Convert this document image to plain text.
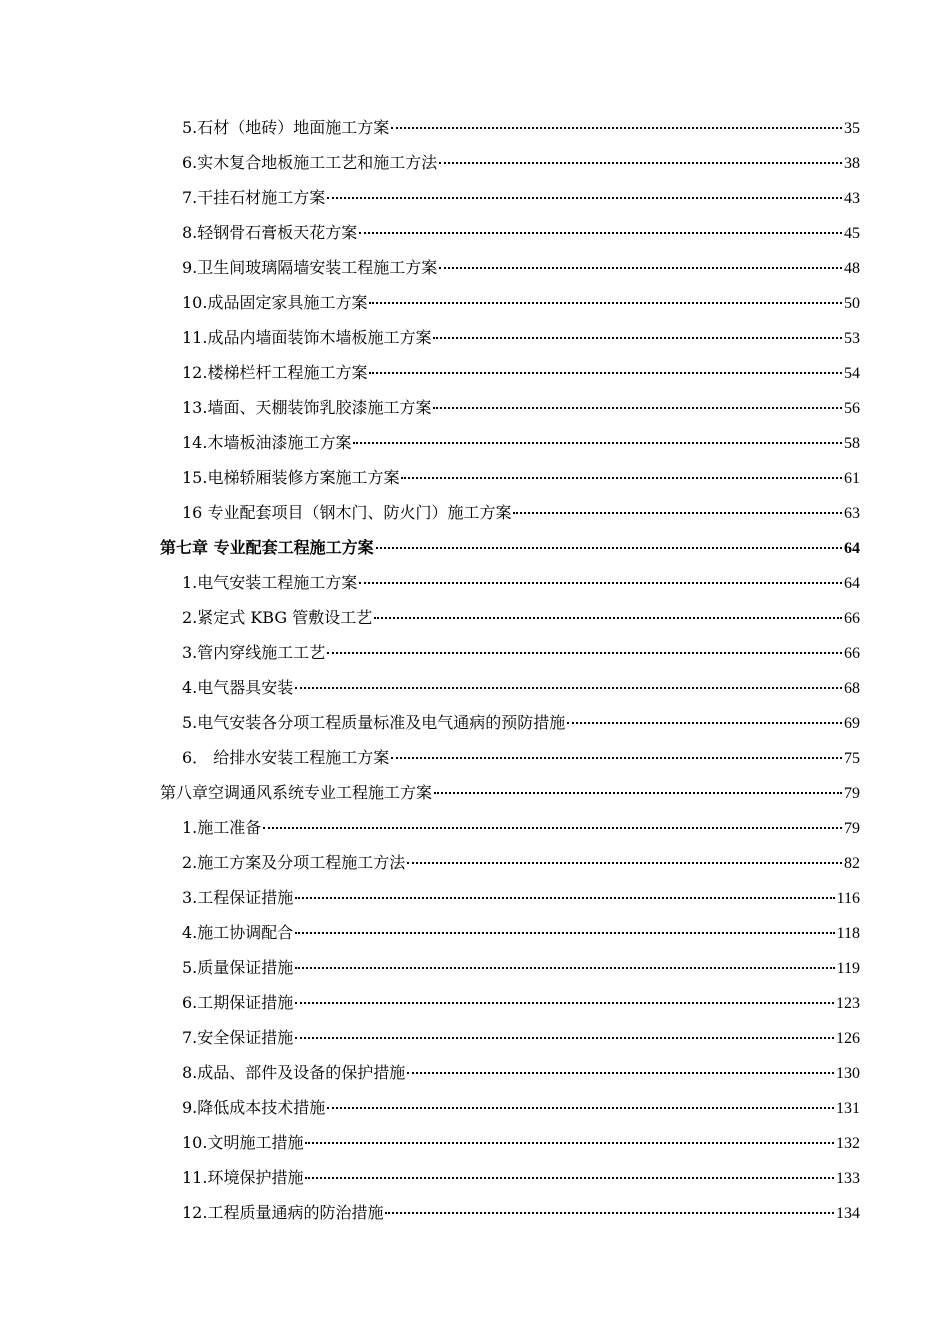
5.石材（地砖）地面施工方案	35
6.实木复合地板施工工艺和施工方法	38
7.干挂石材施工方案	43
8.轻钢骨石膏板天花方案	45
9.卫生间玻璃隔墙安装工程施工方案	48
10.成品固定家具施工方案	50
11.成品内墙面装饰木墙板施工方案	53
12.楼梯栏杆工程施工方案	54
13.墙面、天棚装饰乳胶漆施工方案	56
14.木墙板油漆施工方案	58
15.电梯轿厢装修方案施工方案	61
16 专业配套项目（钢木门、防火门）施工方案	63
第七章 专业配套工程施工方案	64
1.电气安装工程施工方案	64
2.紧定式 KBG 管敷设工艺	66
3.管内穿线施工工艺	66
4.电气器具安装	68
5.电气安装各分项工程质量标准及电气通病的预防措施	69
6． 给排水安装工程施工方案	75
第八章空调通风系统专业工程施工方案	79
1.施工准备	79
2.施工方案及分项工程施工方法	82
3.工程保证措施	116
4.施工协调配合	118
5.质量保证措施	119
6.工期保证措施	123
7.安全保证措施	126
8.成品、部件及设备的保护措施	130
9.降低成本技术措施	131
10.文明施工措施	132
11.环境保护措施	133
12.工程质量通病的防治措施	134
